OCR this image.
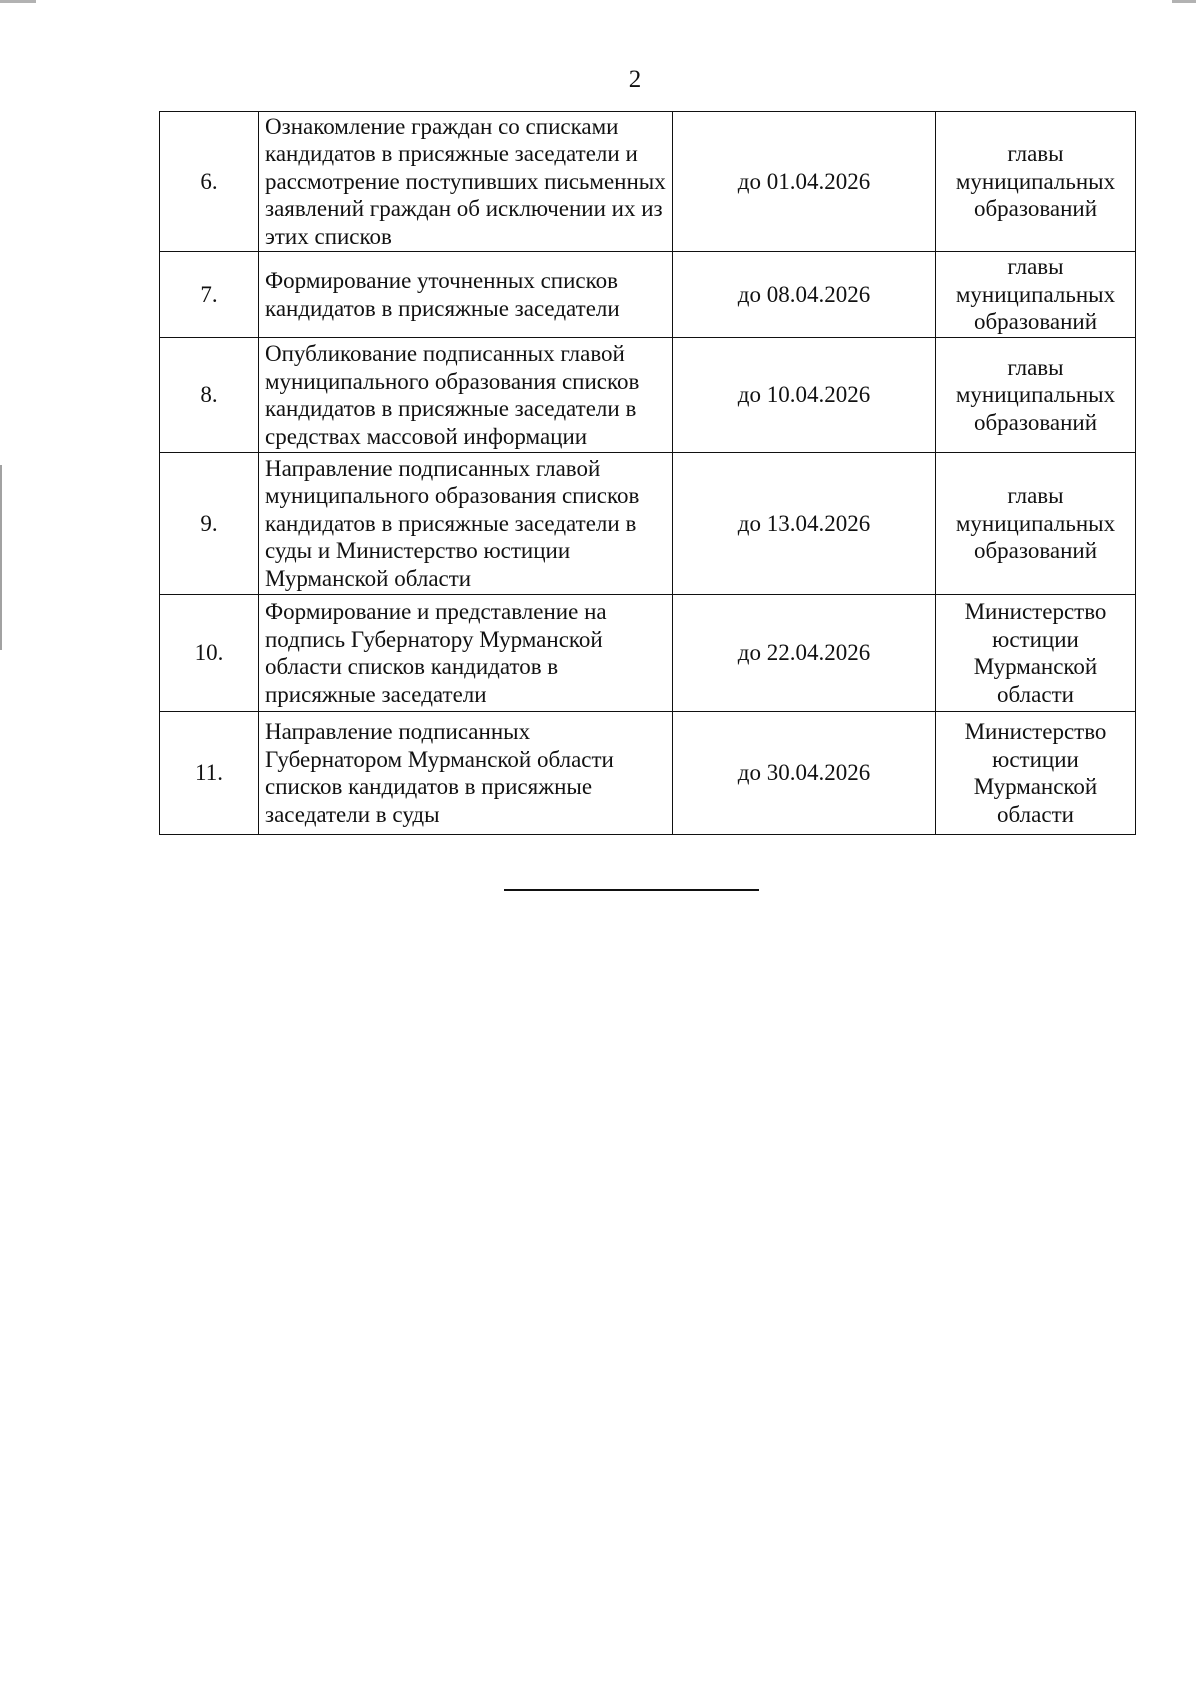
2
6.	Ознакомление граждан со списками кандидатов в присяжные заседатели и рассмотрение поступивших письменных заявлений граждан об исключении их из этих списков	до 01.04.2026	главы муниципальных образований
7.	Формирование уточненных списков кандидатов в присяжные заседатели	до 08.04.2026	главы муниципальных образований
8.	Опубликование подписанных главой муниципального образования списков кандидатов в присяжные заседатели в средствах массовой информации	до 10.04.2026	главы муниципальных образований
9.	Направление подписанных главой муниципального образования списков кандидатов в присяжные заседатели в суды и Министерство юстиции Мурманской области	до 13.04.2026	главы муниципальных образований
10.	Формирование и представление на подпись Губернатору Мурманской области списков кандидатов в присяжные заседатели	до 22.04.2026	Министерство юстиции Мурманской области
11.	Направление подписанных Губернатором Мурманской области списков кандидатов в присяжные заседатели в суды	до 30.04.2026	Министерство юстиции Мурманской области
